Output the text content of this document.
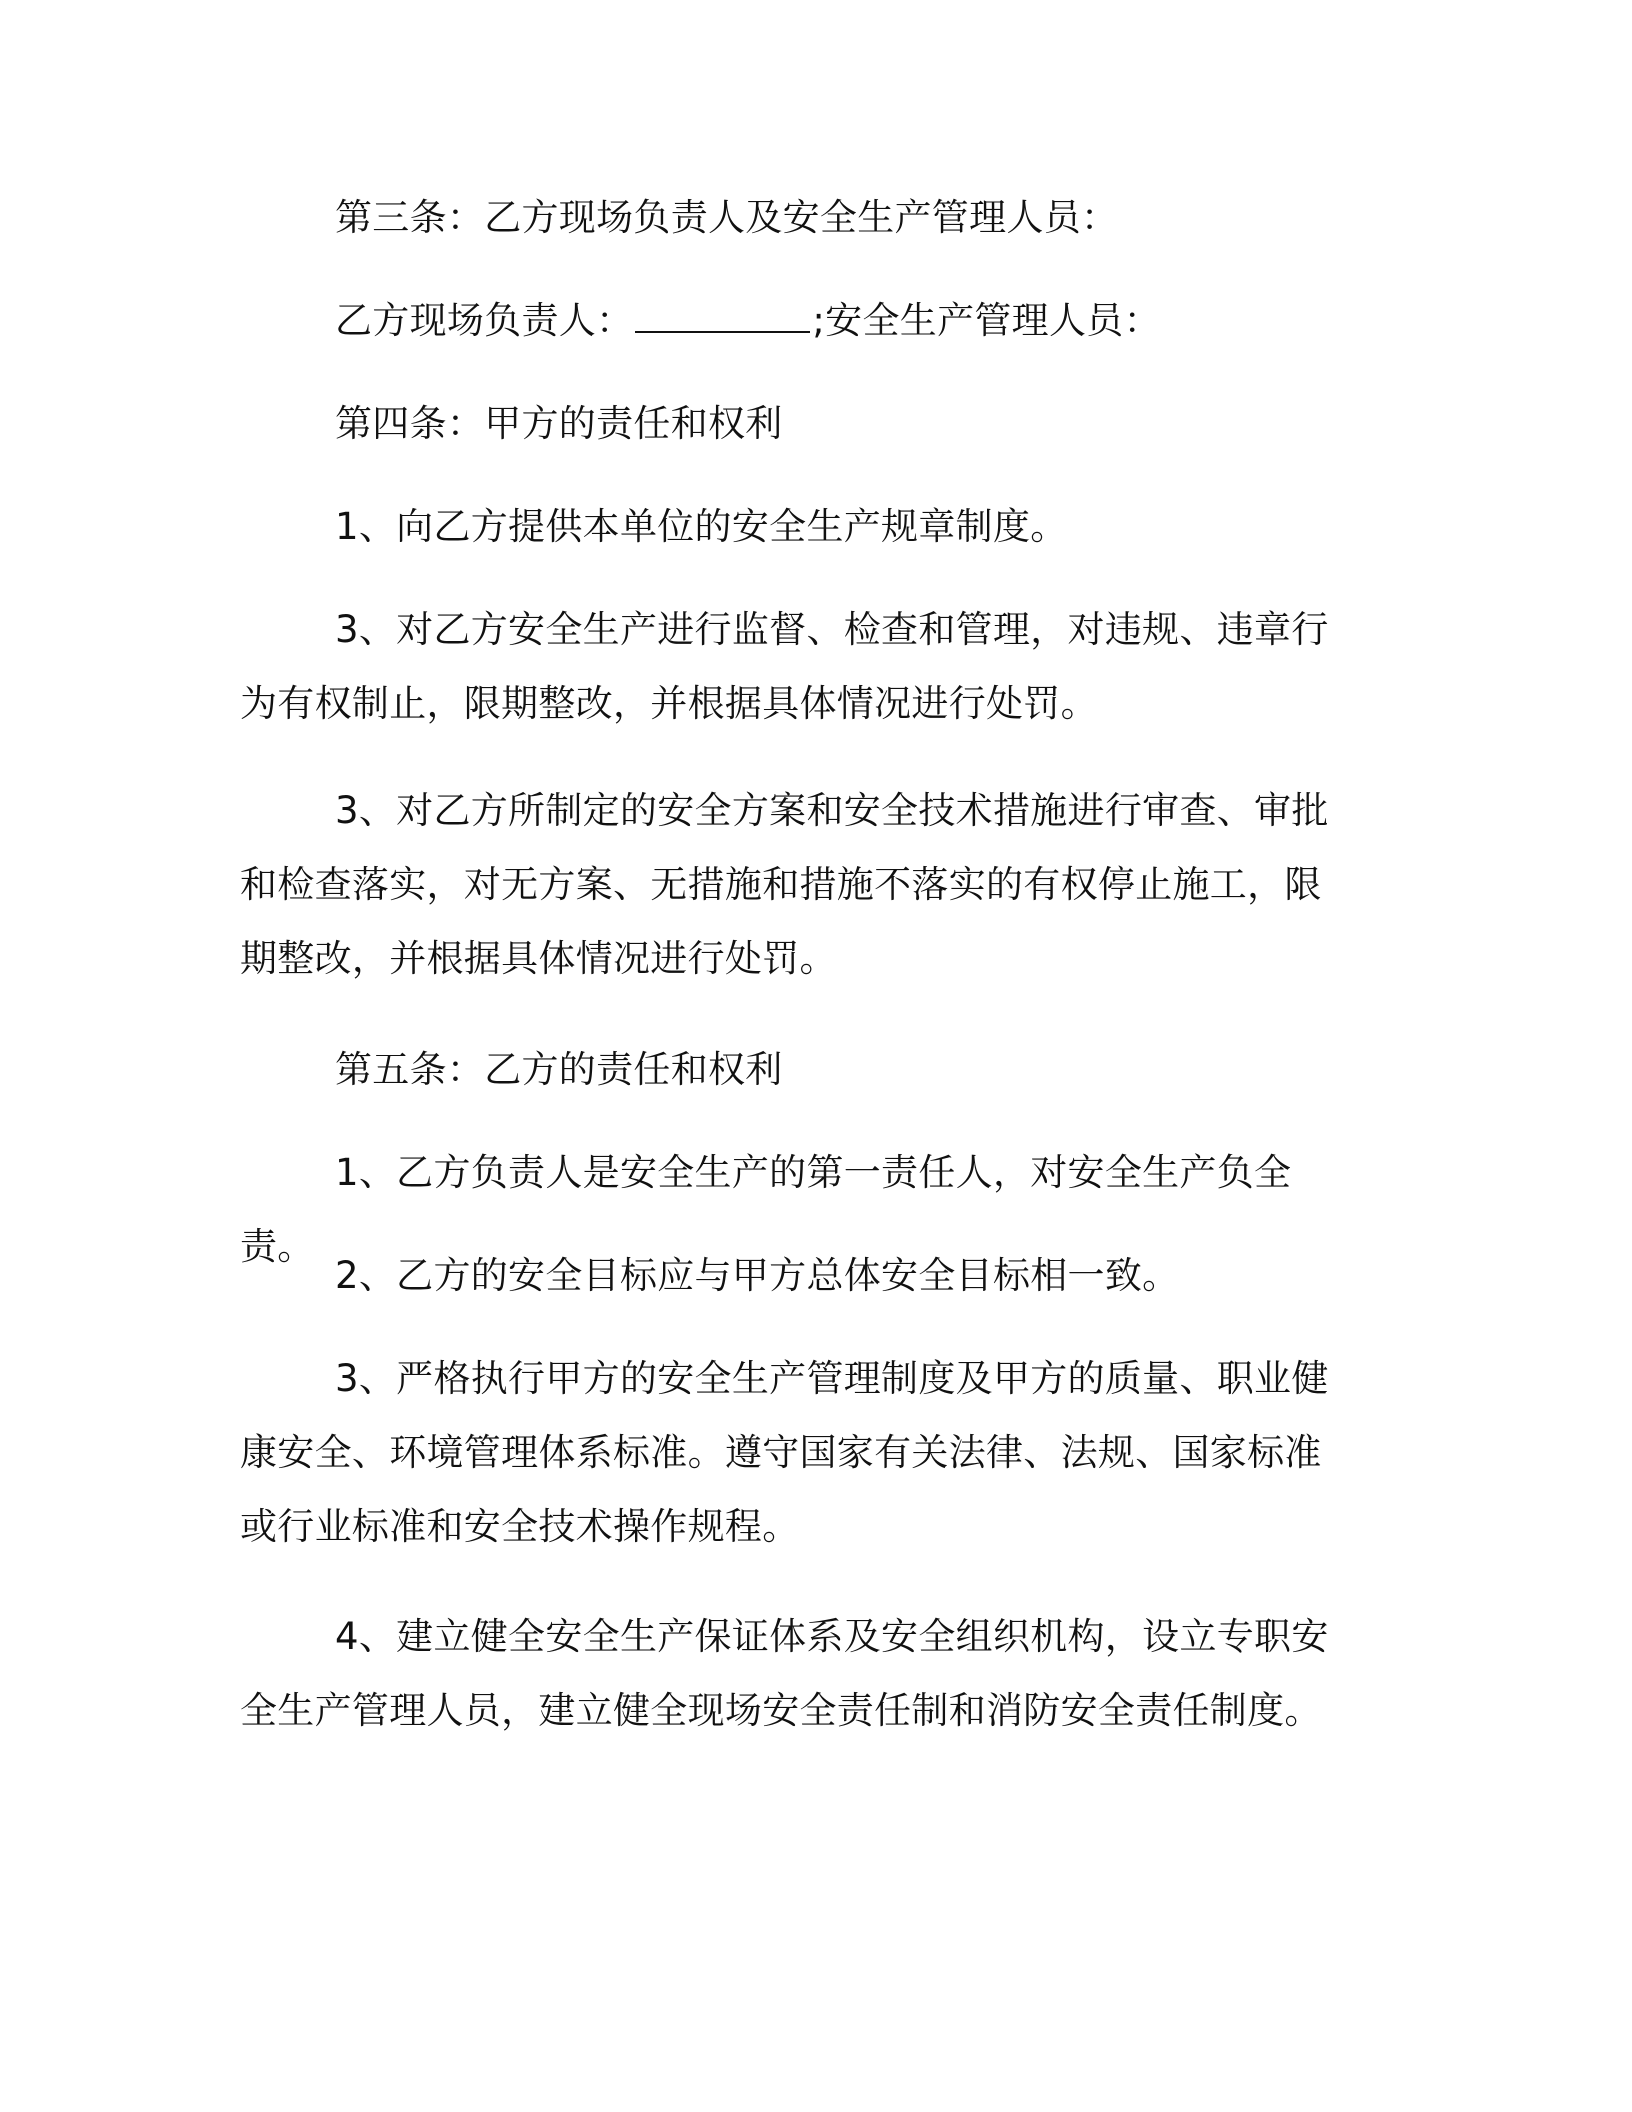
第三条：乙方现场负责人及安全生产管理人员：

乙方现场负责人：	;安全生产管理人员：

第四条：甲方的责任和权利

1、向乙方提供本单位的安全生产规章制度。

3、对乙方安全生产进行监督、检查和管理，对违规、违章行为有权制止，限期整改，并根据具体情况进行处罚。

3、对乙方所制定的安全方案和安全技术措施进行审查、审批和检查落实，对无方案、无措施和措施不落实的有权停止施工，限期整改，并根据具体情况进行处罚。

第五条：乙方的责任和权利

1、乙方负责人是安全生产的第一责任人，对安全生产负全责。

2、乙方的安全目标应与甲方总体安全目标相一致。

3、严格执行甲方的安全生产管理制度及甲方的质量、职业健康安全、环境管理体系标准。遵守国家有关法律、法规、国家标准或行业标准和安全技术操作规程。

4、建立健全安全生产保证体系及安全组织机构，设立专职安全生产管理人员，建立健全现场安全责任制和消防安全责任制度。
